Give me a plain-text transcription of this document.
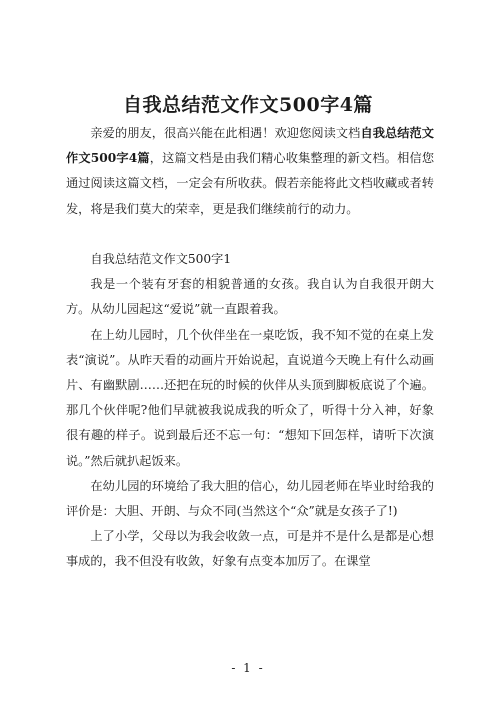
自我总结范文作文500字4篇

亲爱的朋友，很高兴能在此相遇！欢迎您阅读文档自我总结范文作文500字4篇，这篇文档是由我们精心收集整理的新文档。相信您通过阅读这篇文档，一定会有所收获。假若亲能将此文档收藏或者转发，将是我们莫大的荣幸，更是我们继续前行的动力。

自我总结范文作文500字1

我是一个装有牙套的相貌普通的女孩。我自认为自我很开朗大方。从幼儿园起这“爱说”就一直跟着我。

在上幼儿园时，几个伙伴坐在一桌吃饭，我不知不觉的在桌上发表“演说”。从昨天看的动画片开始说起，直说道今天晚上有什么动画片、有幽默剧……还把在玩的时候的伙伴从头顶到脚板底说了个遍。那几个伙伴呢?他们早就被我说成我的听众了，听得十分入神，好象很有趣的样子。说到最后还不忘一句：“想知下回怎样，请听下次演说。”然后就扒起饭来。

在幼儿园的环境给了我大胆的信心，幼儿园老师在毕业时给我的评价是：大胆、开朗、与众不同(当然这个“众”就是女孩子了!)

上了小学，父母以为我会收敛一点，可是并不是什么是都是心想事成的，我不但没有收敛，好象有点变本加厉了。在课堂

- 1 -
